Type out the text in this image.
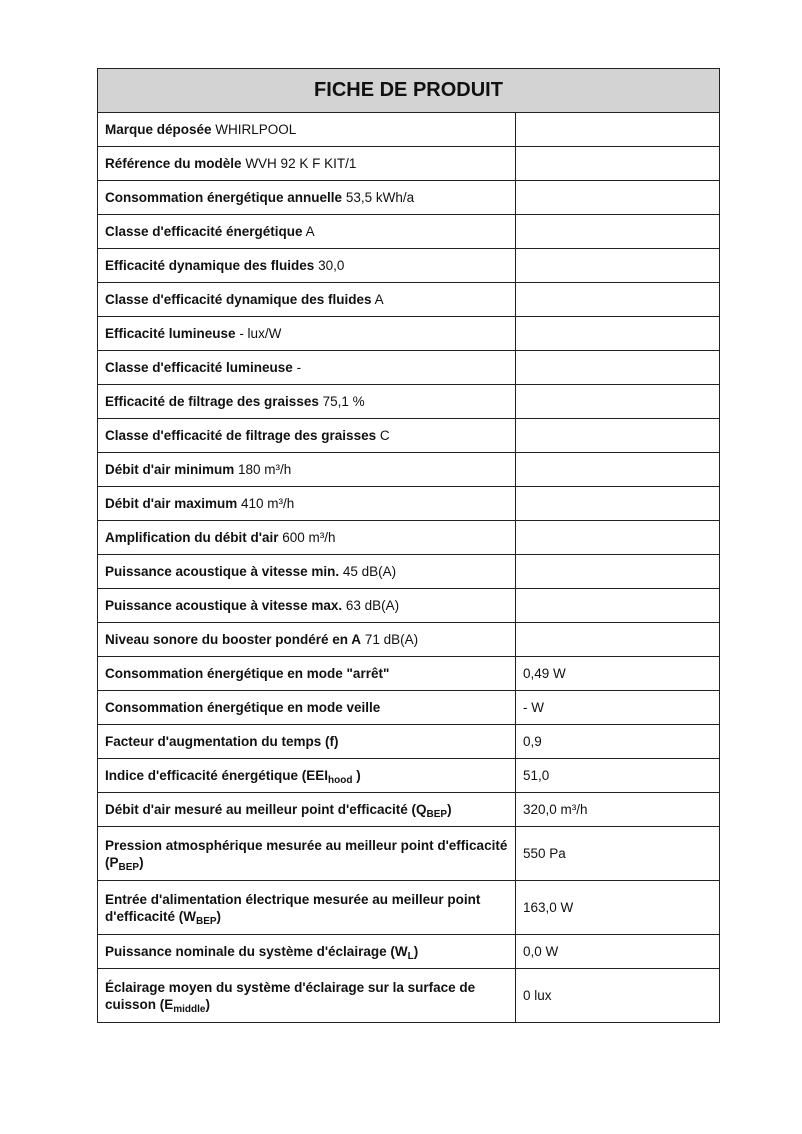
FICHE DE PRODUIT	
Marque déposée WHIRLPOOL	
Référence du modèle WVH 92 K F KIT/1	
Consommation énergétique annuelle 53,5 kWh/a	
Classe d'efficacité énergétique A	
Efficacité dynamique des fluides 30,0	
Classe d'efficacité dynamique des fluides A	
Efficacité lumineuse - lux/W	
Classe d'efficacité lumineuse -	
Efficacité de filtrage des graisses 75,1 %	
Classe d'efficacité de filtrage des graisses C	
Débit d'air minimum 180 m³/h	
Débit d'air maximum 410 m³/h	
Amplification du débit d'air 600 m³/h	
Puissance acoustique à vitesse min. 45 dB(A)	
Puissance acoustique à vitesse max. 63 dB(A)	
Niveau sonore du booster pondéré en A 71 dB(A)	
Consommation énergétique en mode "arrêt"	0,49 W
Consommation énergétique en mode veille	- W
Facteur d'augmentation du temps (f)	0,9
Indice d'efficacité énergétique ($EEI_{hood}$ )	51,0
Débit d'air mesuré au meilleur point d'efficacité $(Q_{BEP})$	320,0 m³/h
Pression atmosphérique mesurée au meilleur point d'efficacité $(P_{BEP})$	550 Pa
Entrée d'alimentation électrique mesurée au meilleur point d'efficacité $(W_{BEP})$	163,0 W
Puissance nominale du système d'éclairage $(W_L)$	0,0 W
Éclairage moyen du système d'éclairage sur la surface de cuisson $(E_{middle})$	0 lux
